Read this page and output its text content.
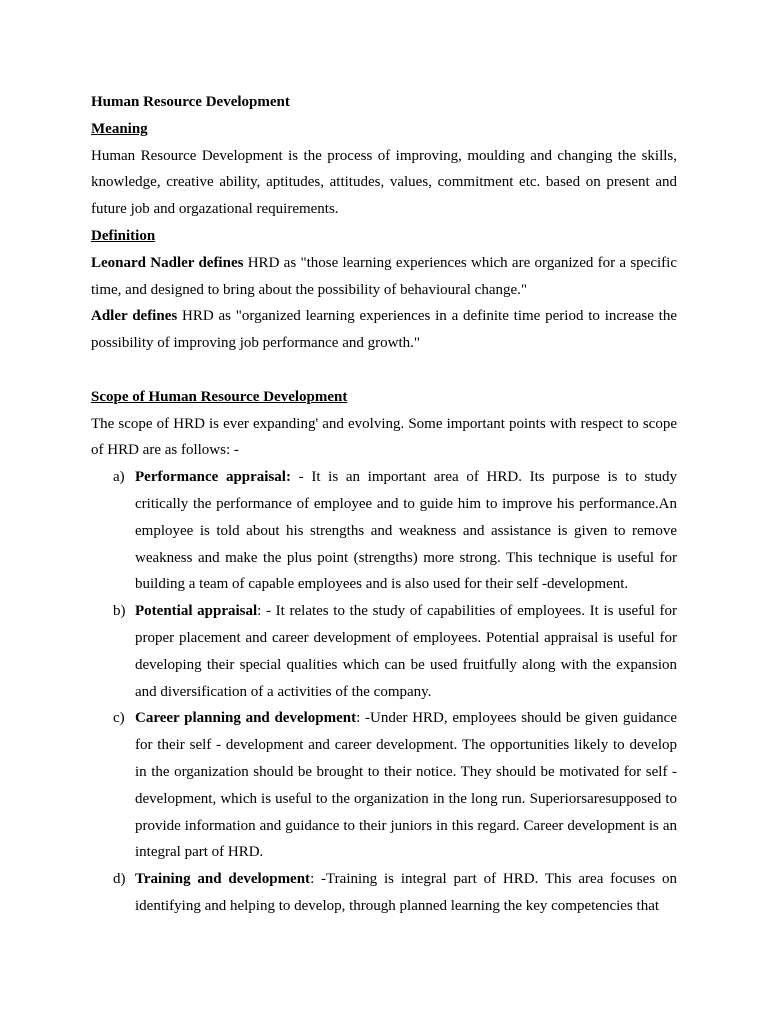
Human Resource Development

Meaning

Human Resource Development is the process of improving, moulding and changing the skills, knowledge, creative ability, aptitudes, attitudes, values, commitment etc. based on present and future job and orgazational requirements.

Definition

Leonard Nadler defines HRD as "those learning experiences which are organized for a specific time, and designed to bring about the possibility of behavioural change."

Adler defines HRD as "organized learning experiences in a definite time period to increase the possibility of improving job performance and growth."

Scope of Human Resource Development

The scope of HRD is ever expanding' and evolving. Some important points with respect to scope of HRD are as follows: -

a) Performance appraisal: - It is an important area of HRD. Its purpose is to study critically the performance of employee and to guide him to improve his performance.An employee is told about his strengths and weakness and assistance is given to remove weakness and make the plus point (strengths) more strong. This technique is useful for building a team of capable employees and is also used for their self -development.
b) Potential appraisal: - It relates to the study of capabilities of employees. It is useful for proper placement and career development of employees. Potential appraisal is useful for developing their special qualities which can be used fruitfully along with the expansion and diversification of a activities of the company.
c) Career planning and development: -Under HRD, employees should be given guidance for their self - development and career development. The opportunities likely to develop in the organization should be brought to their notice. They should be motivated for self - development, which is useful to the organization in the long run. Superiorsaresupposed to provide information and guidance to their juniors in this regard. Career development is an integral part of HRD.
d) Training and development: -Training is integral part of HRD. This area focuses on identifying and helping to develop, through planned learning the key competencies that
